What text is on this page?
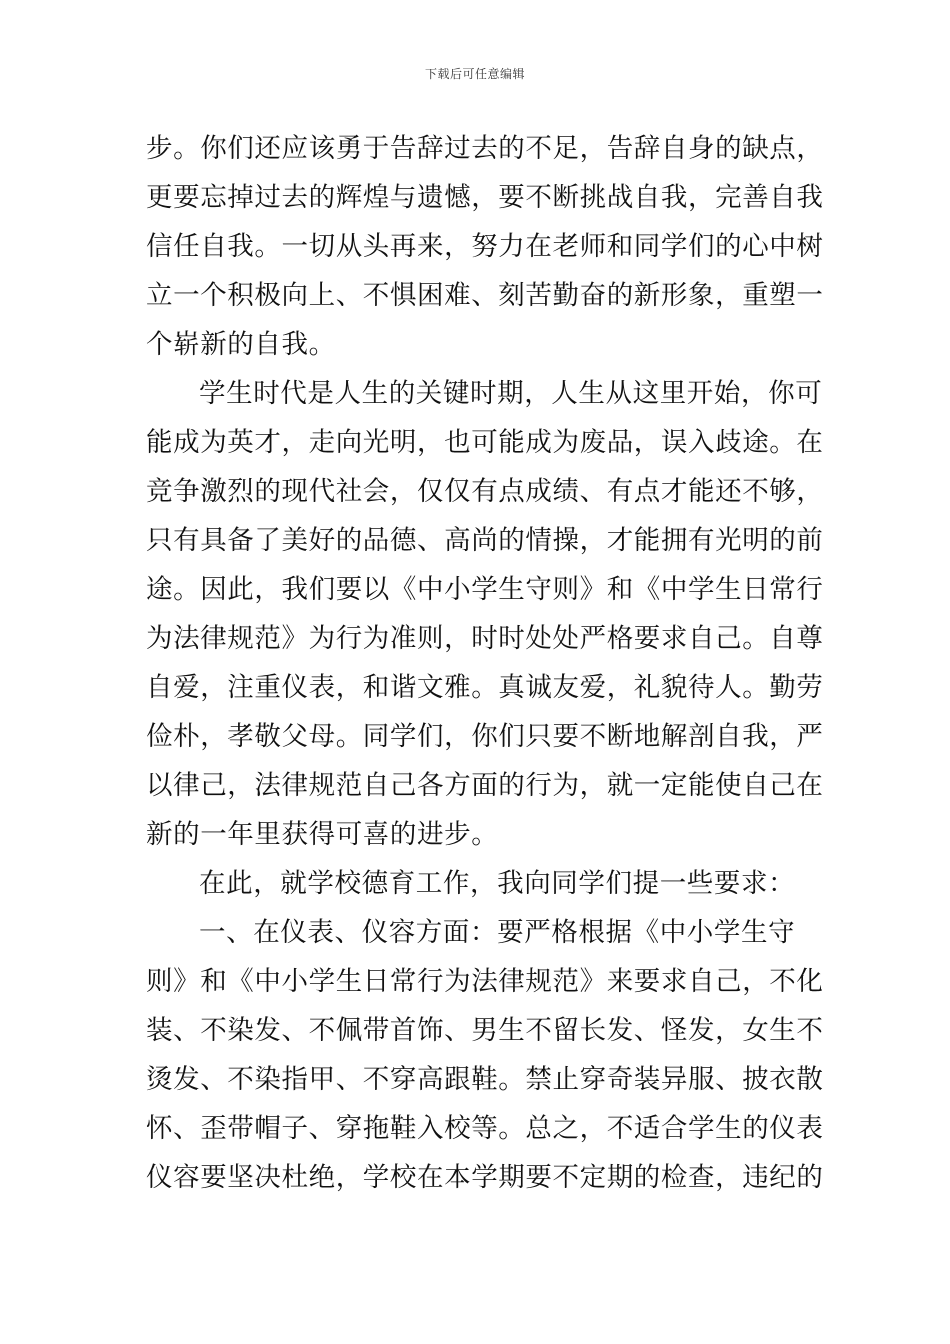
下载后可任意编辑
步。你们还应该勇于告辞过去的不足，告辞自身的缺点，
更要忘掉过去的辉煌与遗憾，要不断挑战自我，完善自我
信任自我。一切从头再来，努力在老师和同学们的心中树
立一个积极向上、不惧困难、刻苦勤奋的新形象，重塑一
个崭新的自我。
学生时代是人生的关键时期，人生从这里开始，你可
能成为英才，走向光明，也可能成为废品，误入歧途。在
竞争激烈的现代社会，仅仅有点成绩、有点才能还不够，
只有具备了美好的品德、高尚的情操，才能拥有光明的前
途。因此，我们要以《中小学生守则》和《中学生日常行
为法律规范》为行为准则，时时处处严格要求自己。自尊
自爱，注重仪表，和谐文雅。真诚友爱，礼貌待人。勤劳
俭朴，孝敬父母。同学们，你们只要不断地解剖自我，严
以律己，法律规范自己各方面的行为，就一定能使自己在
新的一年里获得可喜的进步。
在此，就学校德育工作，我向同学们提一些要求：
一、在仪表、仪容方面：要严格根据《中小学生守
则》和《中小学生日常行为法律规范》来要求自己，不化
装、不染发、不佩带首饰、男生不留长发、怪发，女生不
烫发、不染指甲、不穿高跟鞋。禁止穿奇装异服、披衣散
怀、歪带帽子、穿拖鞋入校等。总之，不适合学生的仪表
仪容要坚决杜绝，学校在本学期要不定期的检查，违纪的
